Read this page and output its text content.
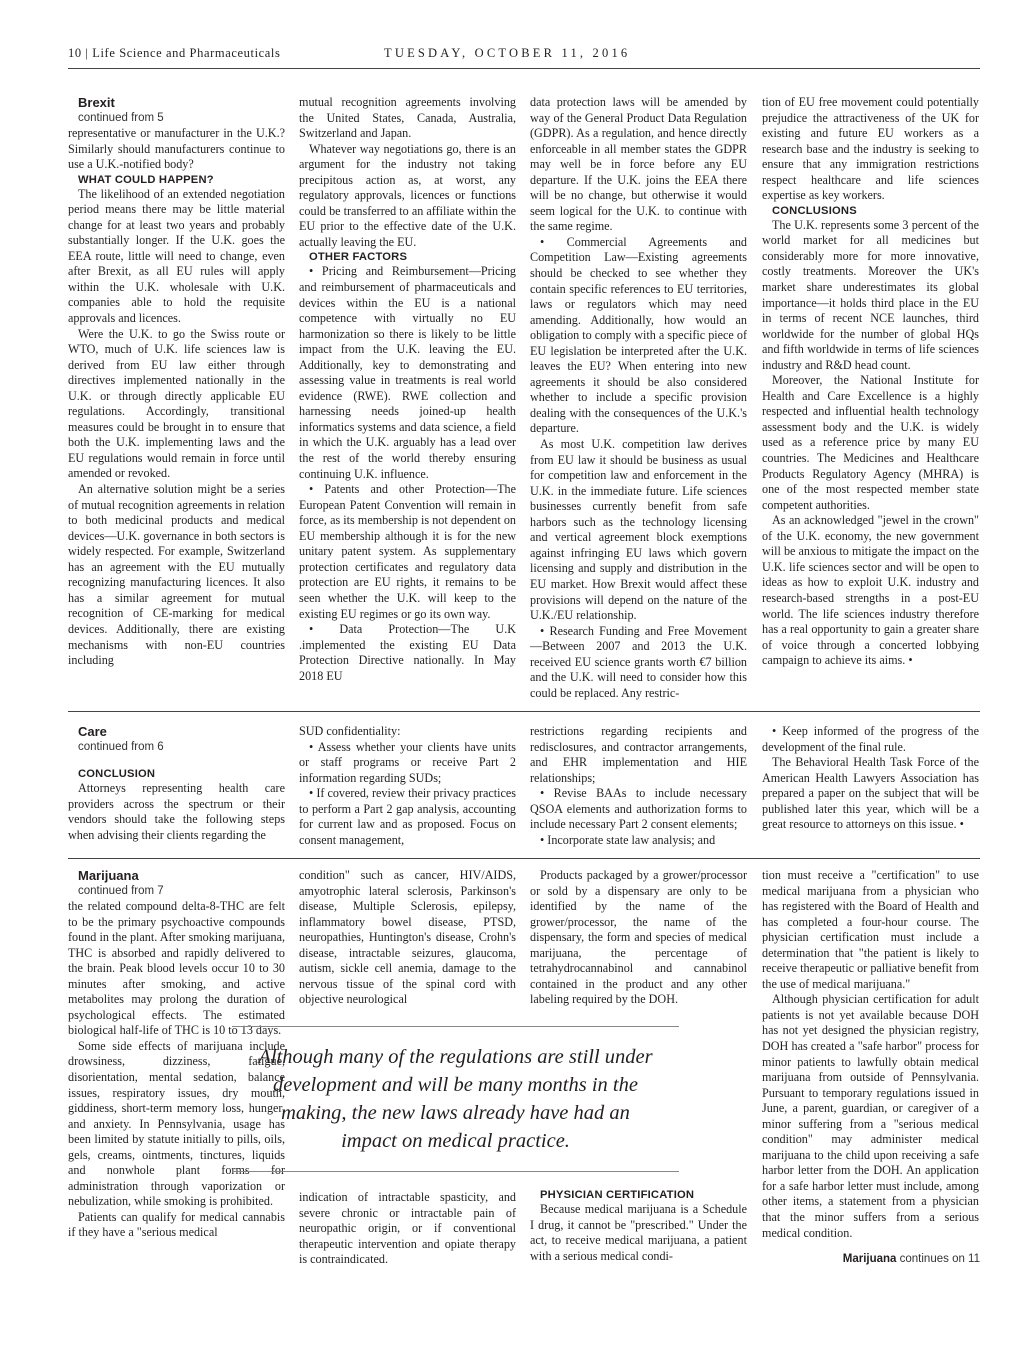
10 | Life Science and Pharmaceuticals	TUESDAY, OCTOBER 11, 2016

Brexit

continued from 5

representative or manufacturer in the U.K.? Similarly should manufacturers continue to use a U.K.-notified body?

WHAT COULD HAPPEN?

The likelihood of an extended negotiation period means there may be little material change for at least two years and probably substantially longer. If the U.K. goes the EEA route, little will need to change, even after Brexit, as all EU rules will apply within the U.K. wholesale with U.K. companies able to hold the requisite approvals and licences.

Were the U.K. to go the Swiss route or WTO, much of U.K. life sciences law is derived from EU law either through directives implemented nationally in the U.K. or through directly applicable EU regulations. Accordingly, transitional measures could be brought in to ensure that both the U.K. implementing laws and the EU regulations would remain in force until amended or revoked.

An alternative solution might be a series of mutual recognition agreements in relation to both medicinal products and medical devices—U.K. governance in both sectors is widely respected. For example, Switzerland has an agreement with the EU mutually recognizing manufacturing licences. It also has a similar agreement for mutual recognition of CE-marking for medical devices. Additionally, there are existing mechanisms with non-EU countries including

mutual recognition agreements involving the United States, Canada, Australia, Switzerland and Japan.

Whatever way negotiations go, there is an argument for the industry not taking precipitous action as, at worst, any regulatory approvals, licences or functions could be transferred to an affiliate within the EU prior to the effective date of the U.K. actually leaving the EU.

OTHER FACTORS

• Pricing and Reimbursement—Pricing and reimbursement of pharmaceuticals and devices within the EU is a national competence with virtually no EU harmonization so there is likely to be little impact from the U.K. leaving the EU. Additionally, key to demonstrating and assessing value in treatments is real world evidence (RWE). RWE collection and harnessing needs joined-up health informatics systems and data science, a field in which the U.K. arguably has a lead over the rest of the world thereby ensuring continuing U.K. influence.

• Patents and other Protection—The European Patent Convention will remain in force, as its membership is not dependent on EU membership although it is for the new unitary patent system. As supplementary protection certificates and regulatory data protection are EU rights, it remains to be seen whether the U.K. will keep to the existing EU regimes or go its own way.

• Data Protection—The U.K .implemented the existing EU Data Protection Directive nationally. In May 2018 EU

data protection laws will be amended by way of the General Product Data Regulation (GDPR). As a regulation, and hence directly enforceable in all member states the GDPR may well be in force before any EU departure. If the U.K. joins the EEA there will be no change, but otherwise it would seem logical for the U.K. to continue with the same regime.

• Commercial Agreements and Competition Law—Existing agreements should be checked to see whether they contain specific references to EU territories, laws or regulators which may need amending. Additionally, how would an obligation to comply with a specific piece of EU legislation be interpreted after the U.K. leaves the EU? When entering into new agreements it should be also considered whether to include a specific provision dealing with the consequences of the U.K.'s departure.

As most U.K. competition law derives from EU law it should be business as usual for competition law and enforcement in the U.K. in the immediate future. Life sciences businesses currently benefit from safe harbors such as the technology licensing and vertical agreement block exemptions against infringing EU laws which govern licensing and supply and distribution in the EU market. How Brexit would affect these provisions will depend on the nature of the U.K./EU relationship.

• Research Funding and Free Movement—Between 2007 and 2013 the U.K. received EU science grants worth €7 billion and the U.K. will need to consider how this could be replaced. Any restric-

tion of EU free movement could potentially prejudice the attractiveness of the UK for existing and future EU workers as a research base and the industry is seeking to ensure that any immigration restrictions respect healthcare and life sciences expertise as key workers.

CONCLUSIONS

The U.K. represents some 3 percent of the world market for all medicines but considerably more for more innovative, costly treatments. Moreover the UK's market share underestimates its global importance—it holds third place in the EU in terms of recent NCE launches, third worldwide for the number of global HQs and fifth worldwide in terms of life sciences industry and R&D head count.

Moreover, the National Institute for Health and Care Excellence is a highly respected and influential health technology assessment body and the U.K. is widely used as a reference price by many EU countries. The Medicines and Healthcare Products Regulatory Agency (MHRA) is one of the most respected member state competent authorities.

As an acknowledged "jewel in the crown" of the U.K. economy, the new government will be anxious to mitigate the impact on the U.K. life sciences sector and will be open to ideas as how to exploit U.K. industry and research-based strengths in a post-EU world. The life sciences industry therefore has a real opportunity to gain a greater share of voice through a concerted lobbying campaign to achieve its aims. •

Care

continued from 6

CONCLUSION

Attorneys representing health care providers across the spectrum or their vendors should take the following steps when advising their clients regarding the

SUD confidentiality:

• Assess whether your clients have units or staff programs or receive Part 2 information regarding SUDs;

• If covered, review their privacy practices to perform a Part 2 gap analysis, accounting for current law and as proposed. Focus on consent management,

restrictions regarding recipients and redisclosures, and contractor arrangements, and EHR implementation and HIE relationships;

• Revise BAAs to include necessary QSOA elements and authorization forms to include necessary Part 2 consent elements;

• Incorporate state law analysis; and

• Keep informed of the progress of the development of the final rule.

The Behavioral Health Task Force of the American Health Lawyers Association has prepared a paper on the subject that will be published later this year, which will be a great resource to attorneys on this issue. •

Marijuana

continued from 7

the related compound delta-8-THC are felt to be the primary psychoactive compounds found in the plant. After smoking marijuana, THC is absorbed and rapidly delivered to the brain. Peak blood levels occur 10 to 30 minutes after smoking, and active metabolites may prolong the duration of psychological effects. The estimated biological half-life of THC is 10 to 13 days.

Some side effects of marijuana include drowsiness, dizziness, fatigue, disorientation, mental sedation, balance issues, respiratory issues, dry mouth, giddiness, short-term memory loss, hunger, and anxiety. In Pennsylvania, usage has been limited by statute initially to pills, oils, gels, creams, ointments, tinctures, liquids and nonwhole plant forms for administration through vaporization or nebulization, while smoking is prohibited.

Patients can qualify for medical cannabis if they have a "serious medical

condition" such as cancer, HIV/AIDS, amyotrophic lateral sclerosis, Parkinson's disease, Multiple Sclerosis, epilepsy, inflammatory bowel disease, PTSD, neuropathies, Huntington's disease, Crohn's disease, intractable seizures, glaucoma, autism, sickle cell anemia, damage to the nervous tissue of the spinal cord with objective neurological

Products packaged by a grower/processor or sold by a dispensary are only to be identified by the name of the grower/processor, the name of the dispensary, the form and species of medical marijuana, the percentage of tetrahydrocannabinol and cannabinol contained in the product and any other labeling required by the DOH.

indication of intractable spasticity, and severe chronic or intractable pain of neuropathic origin, or if conventional therapeutic intervention and opiate therapy is contraindicated.

PHYSICIAN CERTIFICATION

Because medical marijuana is a Schedule I drug, it cannot be "prescribed." Under the act, to receive medical marijuana, a patient with a serious medical condi-

tion must receive a "certification" to use medical marijuana from a physician who has registered with the Board of Health and has completed a four-hour course. The physician certification must include a determination that "the patient is likely to receive therapeutic or palliative benefit from the use of medical marijuana."

Although physician certification for adult patients is not yet available because DOH has not yet designed the physician registry, DOH has created a "safe harbor" process for minor patients to lawfully obtain medical marijuana from outside of Pennsylvania. Pursuant to temporary regulations issued in June, a parent, guardian, or caregiver of a minor suffering from a "serious medical condition" may administer medical marijuana to the child upon receiving a safe harbor letter from the DOH. An application for a safe harbor letter must include, among other items, a statement from a physician that the minor suffers from a serious medical condition.

Although many of the regulations are still under development and will be many months in the making, the new laws already have had an impact on medical practice.
Marijuana continues on 11
